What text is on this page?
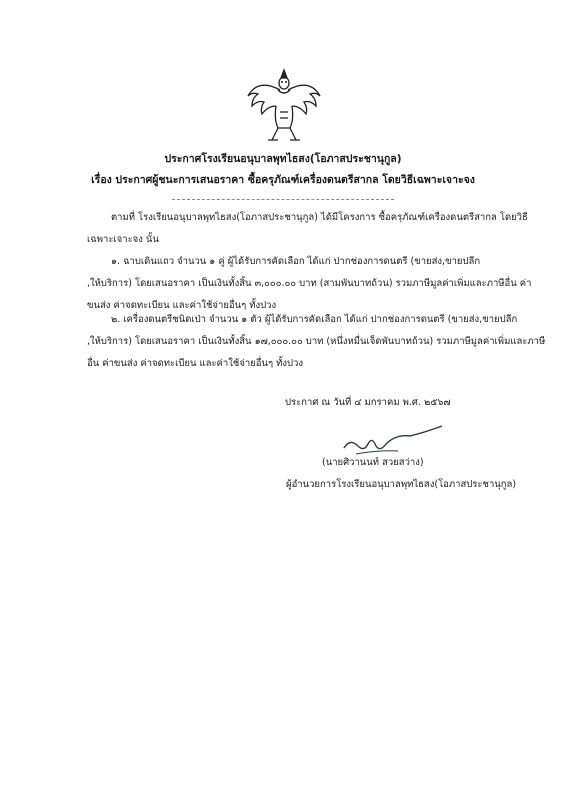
ประกาศโรงเรียนอนุบาลพุทไธสง(โอภาสประชานุกูล)
เรื่อง ประกาศผู้ชนะการเสนอราคา ซื้อครุภัณฑ์เครื่องดนตรีสากล โดยวิธีเฉพาะเจาะจง
ตามที่ โรงเรียนอนุบาลพุทไธสง(โอภาสประชานุกูล) ได้มีโครงการ ซื้อครุภัณฑ์เครื่องดนตรีสากล โดยวิธี
เฉพาะเจาะจง นั้น
๑. ฉาบเดินแถว จำนวน ๑ คู่ ผู้ได้รับการคัดเลือก ได้แก่ ปากช่องการดนตรี (ขายส่ง,ขายปลีก
,ให้บริการ) โดยเสนอราคา เป็นเงินทั้งสิ้น ๓,๐๐๐.๐๐ บาท (สามพันบาทถ้วน) รวมภาษีมูลค่าเพิ่มและภาษีอื่น ค่า
ขนส่ง ค่าจดทะเบียน และค่าใช้จ่ายอื่นๆ ทั้งปวง
๒. เครื่องดนตรีชนิดเป่า จำนวน ๑ ตัว ผู้ได้รับการคัดเลือก ได้แก่ ปากช่องการดนตรี (ขายส่ง,ขายปลีก
,ให้บริการ) โดยเสนอราคา เป็นเงินทั้งสิ้น ๑๗,๐๐๐.๐๐ บาท (หนึ่งหมื่นเจ็ดพันบาทถ้วน) รวมภาษีมูลค่าเพิ่มและภาษี
อื่น ค่าขนส่ง ค่าจดทะเบียน และค่าใช้จ่ายอื่นๆ ทั้งปวง
ประกาศ ณ วันที่ ๔ มกราคม พ.ศ. ๒๕๖๗
(นายศิวานนท์ สวยสว่าง)
ผู้อำนวยการโรงเรียนอนุบาลพุทไธสง(โอภาสประชานุกูล)
